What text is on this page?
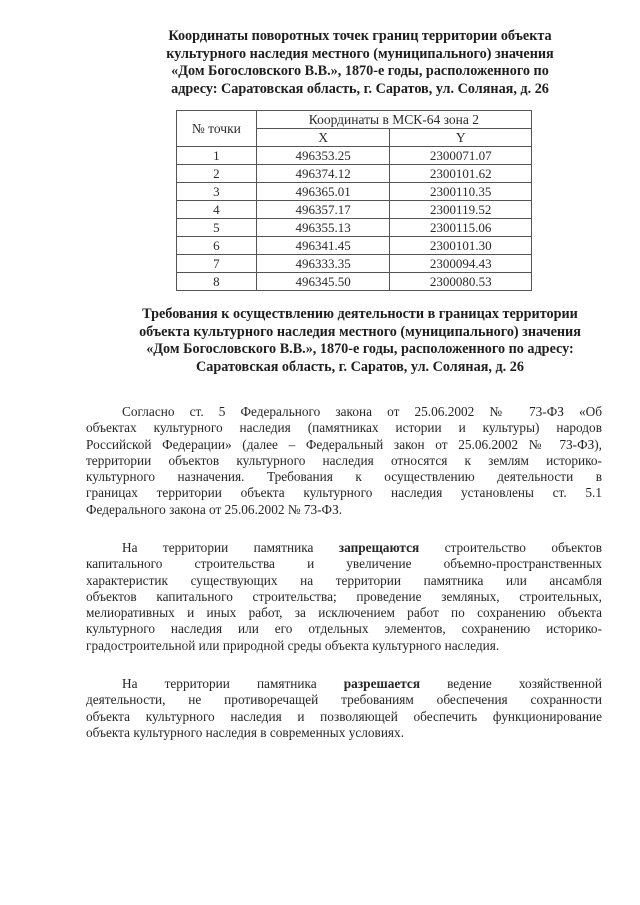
Координаты поворотных точек границ территории объекта
культурного наследия местного (муниципального) значения
«Дом Богословского В.В.», 1870-е годы, расположенного по
адресу: Саратовская область, г. Саратов, ул. Соляная, д. 26
№ точки	Координаты в МСК-64 зона 2	
	X	Y
1	496353.25	2300071.07
2	496374.12	2300101.62
3	496365.01	2300110.35
4	496357.17	2300119.52
5	496355.13	2300115.06
6	496341.45	2300101.30
7	496333.35	2300094.43
8	496345.50	2300080.53
Требования к осуществлению деятельности в границах территории
объекта культурного наследия местного (муниципального) значения
«Дом Богословского В.В.», 1870-е годы, расположенного по адресу:
Саратовская область, г. Саратов, ул. Соляная, д. 26
Согласно ст. 5 Федерального закона от 25.06.2002 № 73-ФЗ «Об
объектах культурного наследия (памятниках истории и культуры) народов
Российской Федерации» (далее – Федеральный закон от 25.06.2002 № 73-ФЗ),
территории объектов культурного наследия относятся к землям историко-
культурного назначения. Требования к осуществлению деятельности в
границах территории объекта культурного наследия установлены ст. 5.1
Федерального закона от 25.06.2002 № 73-ФЗ.
На территории памятника запрещаются строительство объектов
капитального строительства и увеличение объемно-пространственных
характеристик существующих на территории памятника или ансамбля
объектов капитального строительства; проведение земляных, строительных,
мелиоративных и иных работ, за исключением работ по сохранению объекта
культурного наследия или его отдельных элементов, сохранению историко-
градостроительной или природной среды объекта культурного наследия.
На территории памятника разрешается ведение хозяйственной
деятельности, не противоречащей требованиям обеспечения сохранности
объекта культурного наследия и позволяющей обеспечить функционирование
объекта культурного наследия в современных условиях.
